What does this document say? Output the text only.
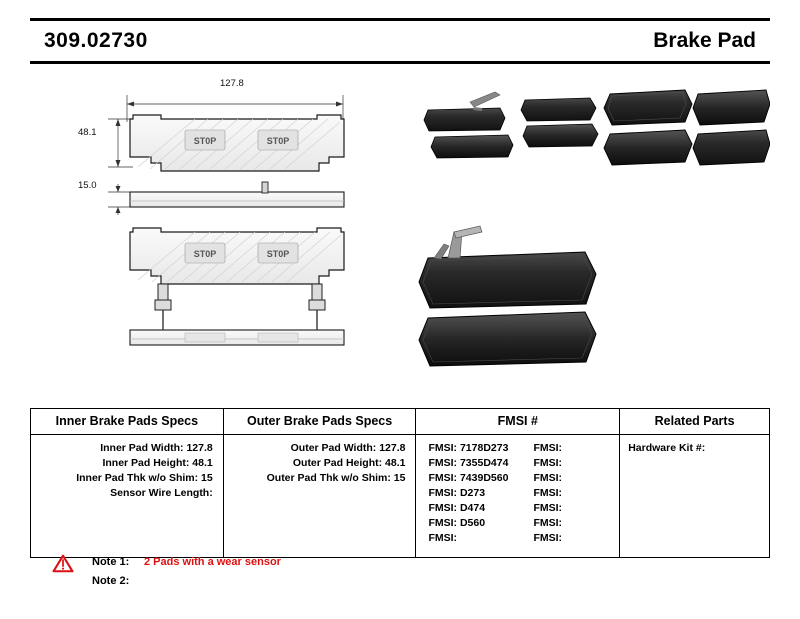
309.02730	Brake Pad
ST0P	ST0P
ST0P	ST0P
127.8
48.1
15.0
Inner Brake Pads Specs
Inner Pad Width: 127.8
Inner Pad Height: 48.1
Inner Pad Thk w/o Shim: 15
Sensor Wire Length:
Outer Brake Pads Specs
Outer Pad Width: 127.8
Outer Pad Height: 48.1
Outer Pad Thk w/o Shim: 15
FMSI #
FMSI: 7178D273	FMSI:
FMSI: 7355D474	FMSI:
FMSI: 7439D560	FMSI:
FMSI: D273	FMSI:
FMSI: D474	FMSI:
FMSI: D560	FMSI:
FMSI:	FMSI:
Related Parts
Hardware Kit #:
Note 1:	2 Pads with a wear sensor
Note 2:
